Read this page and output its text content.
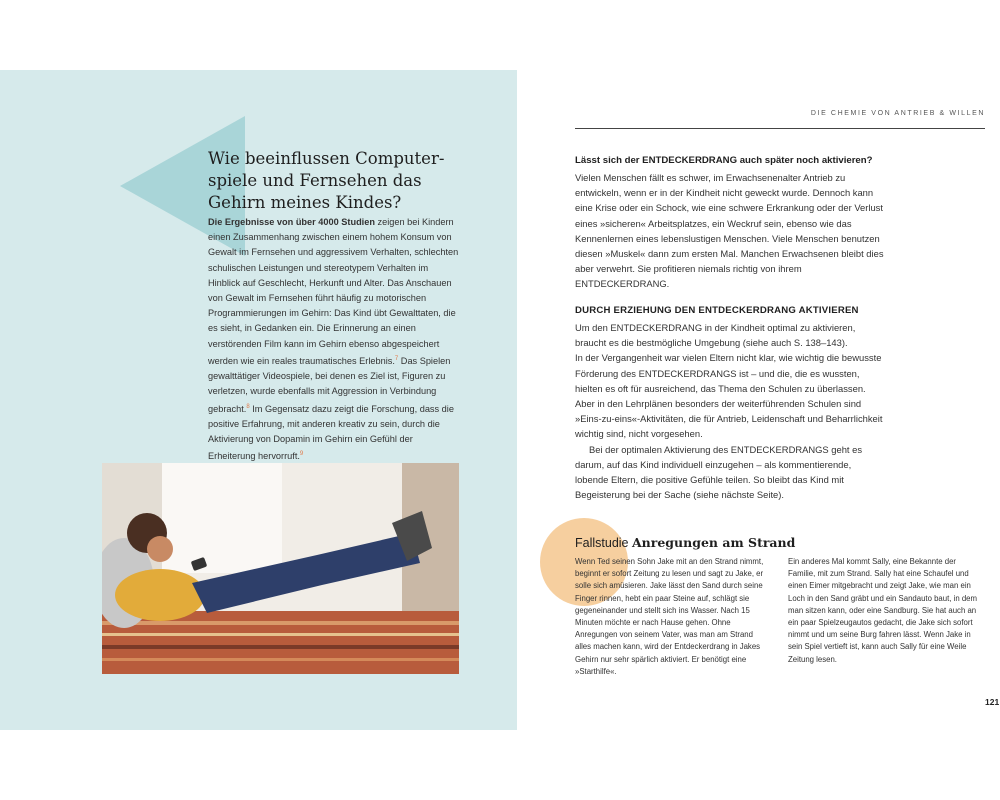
Wie beeinflussen Computer-spiele und Fernsehen das Gehirn meines Kindes?

Die Ergebnisse von über 4000 Studien zeigen bei Kindern einen Zusammenhang zwischen einem hohem Konsum von Gewalt im Fernsehen und aggressivem Verhalten, schlechten schulischen Leistungen und stereotypem Verhalten im Hinblick auf Geschlecht, Herkunft und Alter. Das Anschauen von Gewalt im Fernsehen führt häufig zu motorischen Programmierungen im Gehirn: Das Kind übt Gewalttaten, die es sieht, in Gedanken ein. Die Erinnerung an einen verstörenden Film kann im Gehirn ebenso abgespeichert werden wie ein reales traumatisches Erlebnis.$^7$ Das Spielen gewalttätiger Videospiele, bei denen es Ziel ist, Figuren zu verletzen, wurde ebenfalls mit Aggression in Verbindung gebracht.$^8$ Im Gegensatz dazu zeigt die Forschung, dass die positive Erfahrung, mit anderen kreativ zu sein, durch die Aktivierung von Dopamin im Gehirn ein Gefühl der Erheiterung hervorruft.$^9$

DIE CHEMIE VON ANTRIEB & WILLEN

Lässt sich der ENTDECKERDRANG auch später noch aktivieren?

Vielen Menschen fällt es schwer, im Erwachsenenalter Antrieb zu entwickeln, wenn er in der Kindheit nicht geweckt wurde. Dennoch kann eine Krise oder ein Schock, wie eine schwere Erkrankung oder der Verlust eines »sicheren« Arbeitsplatzes, ein Weckruf sein, ebenso wie das Kennenlernen eines lebenslustigen Menschen. Viele Menschen benutzen diesen »Muskel« dann zum ersten Mal. Manchen Erwachsenen bleibt dies aber verwehrt. Sie profitieren niemals richtig von ihrem ENTDECKERDRANG.

DURCH ERZIEHUNG DEN ENTDECKERDRANG AKTIVIEREN

Um den ENTDECKERDRANG in der Kindheit optimal zu aktivieren, braucht es die bestmögliche Umgebung (siehe auch S. 138–143).

In der Vergangenheit war vielen Eltern nicht klar, wie wichtig die bewusste Förderung des ENTDECKERDRANGS ist – und die, die es wussten, hielten es oft für ausreichend, das Thema den Schulen zu überlassen. Aber in den Lehrplänen besonders der weiterführenden Schulen sind »Eins-zu-eins«-Aktivitäten, die für Antrieb, Leidenschaft und Beharrlichkeit wichtig sind, nicht vorgesehen.

Bei der optimalen Aktivierung des ENTDECKERDRANGS geht es darum, auf das Kind individuell einzugehen – als kommentierende, lobende Eltern, die positive Gefühle teilen. So bleibt das Kind mit Begeisterung bei der Sache (siehe nächste Seite).

Fallstudie Anregungen am Strand

Wenn Ted seinen Sohn Jake mit an den Strand nimmt, beginnt er sofort Zeitung zu lesen und sagt zu Jake, er solle sich amüsieren. Jake lässt den Sand durch seine Finger rinnen, hebt ein paar Steine auf, schlägt sie gegeneinander und stellt sich ins Wasser. Nach 15 Minuten möchte er nach Hause gehen. Ohne Anregungen von seinem Vater, was man am Strand alles machen kann, wird der Entdeckerdrang in Jakes Gehirn nur sehr spärlich aktiviert. Er benötigt eine »Starthilfe«.

Ein anderes Mal kommt Sally, eine Bekannte der Familie, mit zum Strand. Sally hat eine Schaufel und einen Eimer mitgebracht und zeigt Jake, wie man ein Loch in den Sand gräbt und ein Sandauto baut, in dem man sitzen kann, oder eine Sandburg. Sie hat auch an ein paar Spielzeugautos gedacht, die Jake sich sofort nimmt und um seine Burg fahren lässt. Wenn Jake in sein Spiel vertieft ist, kann auch Sally für eine Weile Zeitung lesen.

121
